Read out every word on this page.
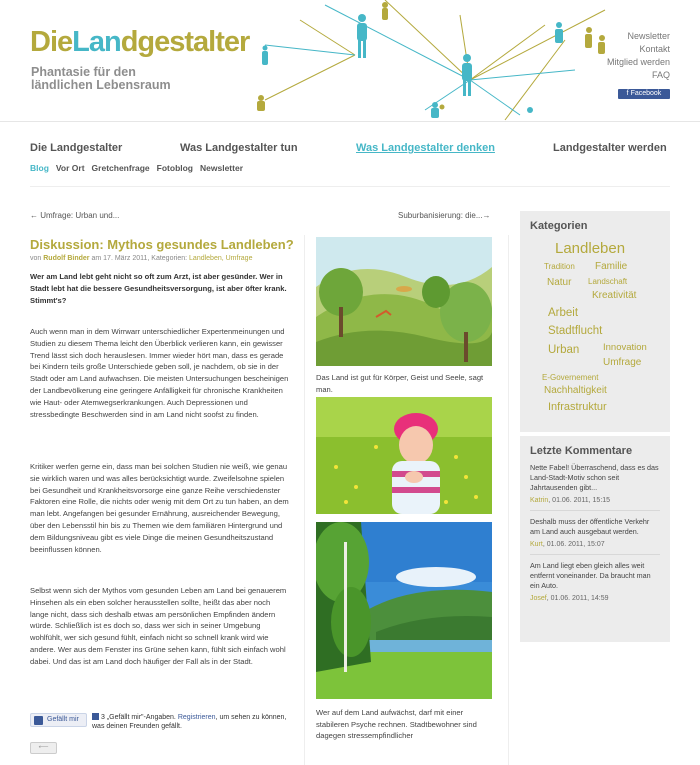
DieLandgestalter
Phantasie für den ländlichen Lebensraum
Newsletter
Kontakt
Mitglied werden
FAQ
f Facebook
Die Landgestalter	Was Landgestalter tun	Was Landgestalter denken	Landgestalter werden
Blog Vor Ort Gretchenfrage Fotoblog Newsletter
← Umfrage: Urban und...	Suburbanisierung: die...→
Diskussion: Mythos gesundes Landleben?
von Rudolf Binder am 17. März 2011, Kategorien: Landleben, Umfrage
Wer am Land lebt geht nicht so oft zum Arzt, ist aber gesünder. Wer in Stadt lebt hat die bessere Gesundheitsversorgung, ist aber öfter krank. Stimmt's?
Auch wenn man in dem Wirrwarr unterschiedlicher Expertenmeinungen und Studien zu diesem Thema leicht den Überblick verlieren kann, ein gewisser Trend lässt sich doch herauslesen. Immer wieder hört man, dass es gerade bei Kindern teils große Unterschiede geben soll, je nachdem, ob sie in der Stadt oder am Land aufwachsen. Die meisten Untersuchungen bescheinigen der Landbevölkerung eine geringere Anfälligkeit für chronische Krankheiten wie Haut- oder Atemwegserkrankungen. Auch Depressionen und stressbedingte Beschwerden sind in am Land nicht soofst zu finden.
Kritiker werfen gerne ein, dass man bei solchen Studien nie weiß, wie genau sie wirklich waren und was alles berücksichtigt wurde. Zweifelsohne spielen bei Gesundheit und Krankheitsvorsorge eine ganze Reihe verschiedenster Faktoren eine Rolle, die nichts oder wenig mit dem Ort zu tun haben, an dem man lebt. Angefangen bei gesunder Ernährung, ausreichender Bewegung, über den Lebensstil hin bis zu Themen wie dem familiären Hintergrund und dem Bildungsniveau gibt es viele Dinge die meinen Gesundheitszustand beeinflussen können.
Selbst wenn sich der Mythos vom gesunden Leben am Land bei genauerem Hinsehen als ein eben solcher herausstellen sollte, heißt das aber noch lange nicht, dass sich deshalb etwas am persönlichen Empfinden ändern würde. Schließlich ist es doch so, dass wer sich in seiner Umgebung wohlfühlt, wer sich gesund fühlt, einfach nicht so schnell krank wird wie andere. Wer aus dem Fenster ins Grüne sehen kann, fühlt sich einfach wohl dabei. Und das ist am Land doch häufiger der Fall als in der Stadt.
Gefällt mir	3 „Gefällt mir"-Angaben. Registrieren, um sehen zu können, was deinen Freunden gefällt.
⟵
Das Land ist gut für Körper, Geist und Seele, sagt man.
Wer auf dem Land aufwächst, darf mit einer stabileren Psyche rechnen. Stadtbewohner sind dagegen stressempfindlicher
Kategorien
Landleben
Tradition Familie
Natur Landschaft
Kreativität
Arbeit
Stadtflucht
Urban Innovation
Umfrage
E-Governement
Nachhaltigkeit
Infrastruktur
Letzte Kommentare
Nette Fabel! Überraschend, dass es das Land-Stadt-Motiv schon seit Jahrtausenden gibt...
Katrin, 01.06. 2011, 15:15
Deshalb muss der öffentliche Verkehr am Land auch ausgebaut werden.
Kurt, 01.06. 2011, 15:07
Am Land liegt eben gleich alles weit entfernt voneinander. Da braucht man ein Auto.
Josef, 01.06. 2011, 14:59
